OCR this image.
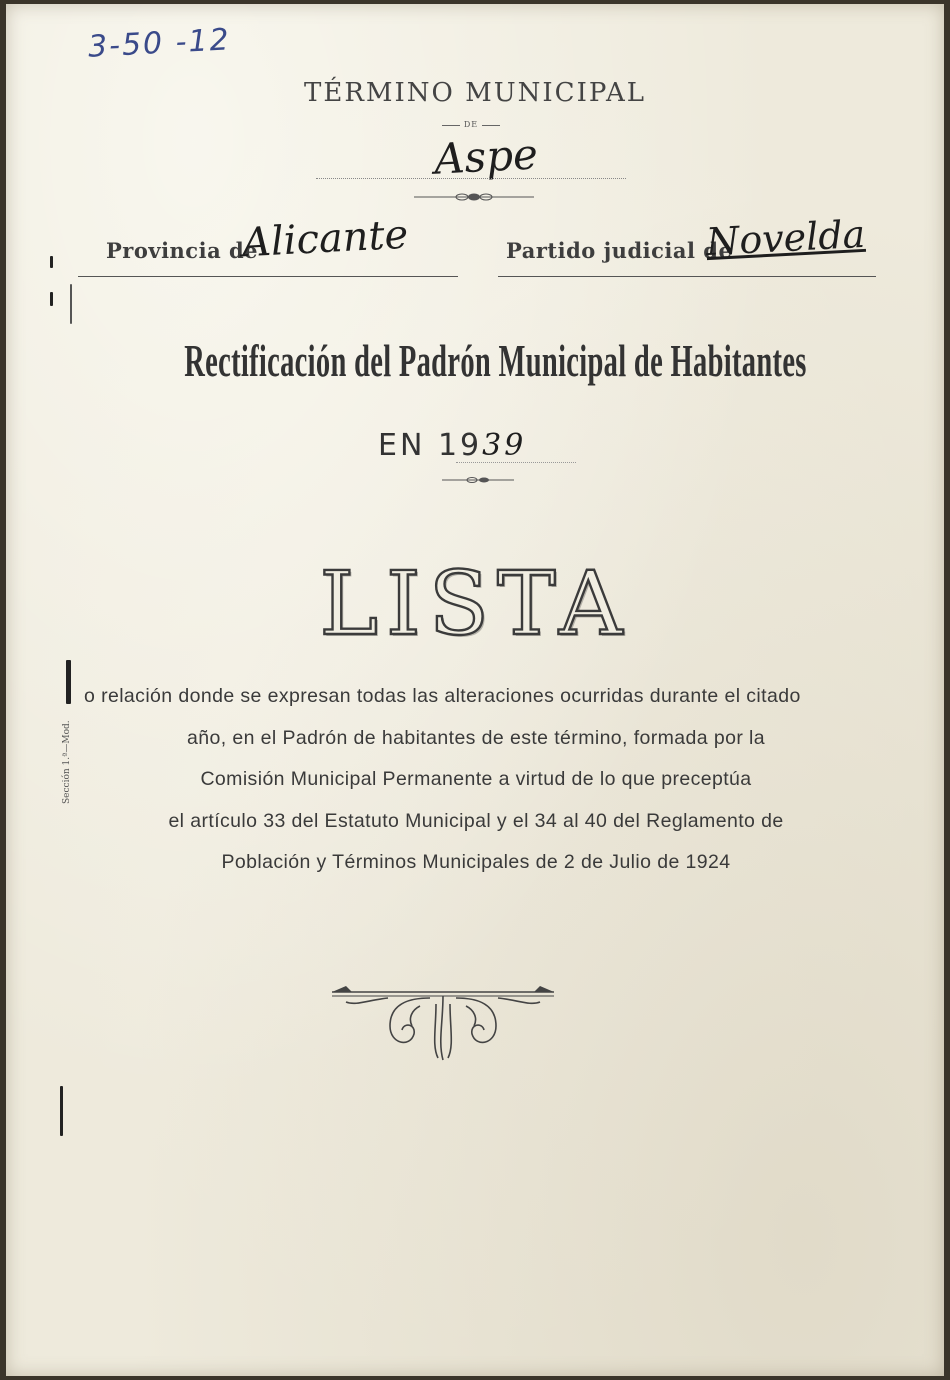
3-50 -12
TÉRMINO MUNICIPAL
DE
Aspe
Provincia de
Alicante	Partido judicial de
Novelda
Rectificación del Padrón Municipal de Habitantes
EN 1939
LISTA
o relación donde se expresan todas las alteraciones ocurridas durante el citado
año, en el Padrón de habitantes de este término, formada por la
Comisión Municipal Permanente a virtud de lo que preceptúa
el artículo 33 del Estatuto Municipal y el 34 al 40 del Reglamento de
Población y Términos Municipales de 2 de Julio de 1924
Sección 1.ª—Mod.
